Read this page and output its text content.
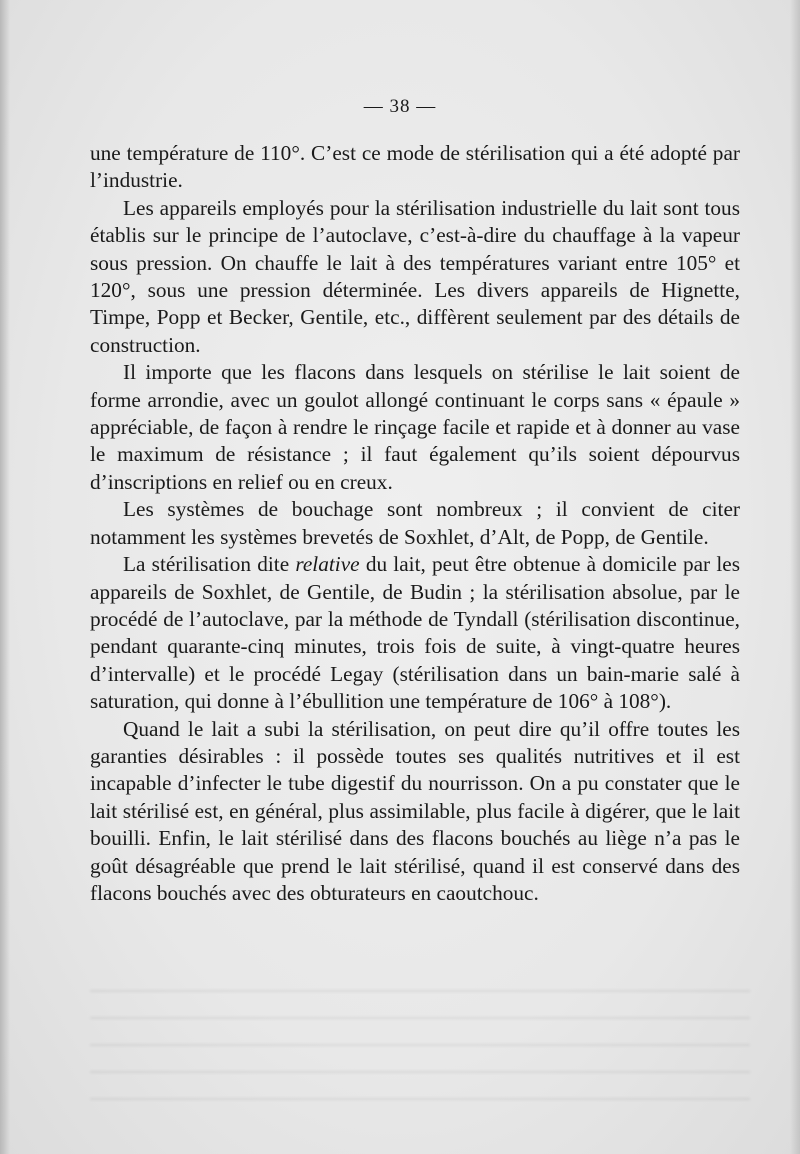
— 38 —

une température de 110°. C’est ce mode de stérilisation qui a été adopté par l’industrie.

Les appareils employés pour la stérilisation industrielle du lait sont tous établis sur le principe de l’autoclave, c’est-à-dire du chauffage à la vapeur sous pression. On chauffe le lait à des températures variant entre 105° et 120°, sous une pression déterminée. Les divers appareils de Hignette, Timpe, Popp et Becker, Gentile, etc., diffèrent seulement par des détails de construction.

Il importe que les flacons dans lesquels on stérilise le lait soient de forme arrondie, avec un goulot allongé continuant le corps sans « épaule » appréciable, de façon à rendre le rinçage facile et rapide et à donner au vase le maximum de résistance ; il faut également qu’ils soient dépourvus d’inscriptions en relief ou en creux.

Les systèmes de bouchage sont nombreux ; il convient de citer notamment les systèmes brevetés de Soxhlet, d’Alt, de Popp, de Gentile.

La stérilisation dite relative du lait, peut être obtenue à domicile par les appareils de Soxhlet, de Gentile, de Budin ; la stérilisation absolue, par le procédé de l’autoclave, par la méthode de Tyndall (stérilisation discontinue, pendant quarante-cinq minutes, trois fois de suite, à vingt-quatre heures d’intervalle) et le procédé Legay (stérilisation dans un bain-marie salé à saturation, qui donne à l’ébullition une température de 106° à 108°).

Quand le lait a subi la stérilisation, on peut dire qu’il offre toutes les garanties désirables : il possède toutes ses qualités nutritives et il est incapable d’infecter le tube digestif du nourrisson. On a pu constater que le lait stérilisé est, en général, plus assimilable, plus facile à digérer, que le lait bouilli. Enfin, le lait stérilisé dans des flacons bouchés au liège n’a pas le goût désagréable que prend le lait stérilisé, quand il est conservé dans des flacons bouchés avec des obturateurs en caoutchouc.
